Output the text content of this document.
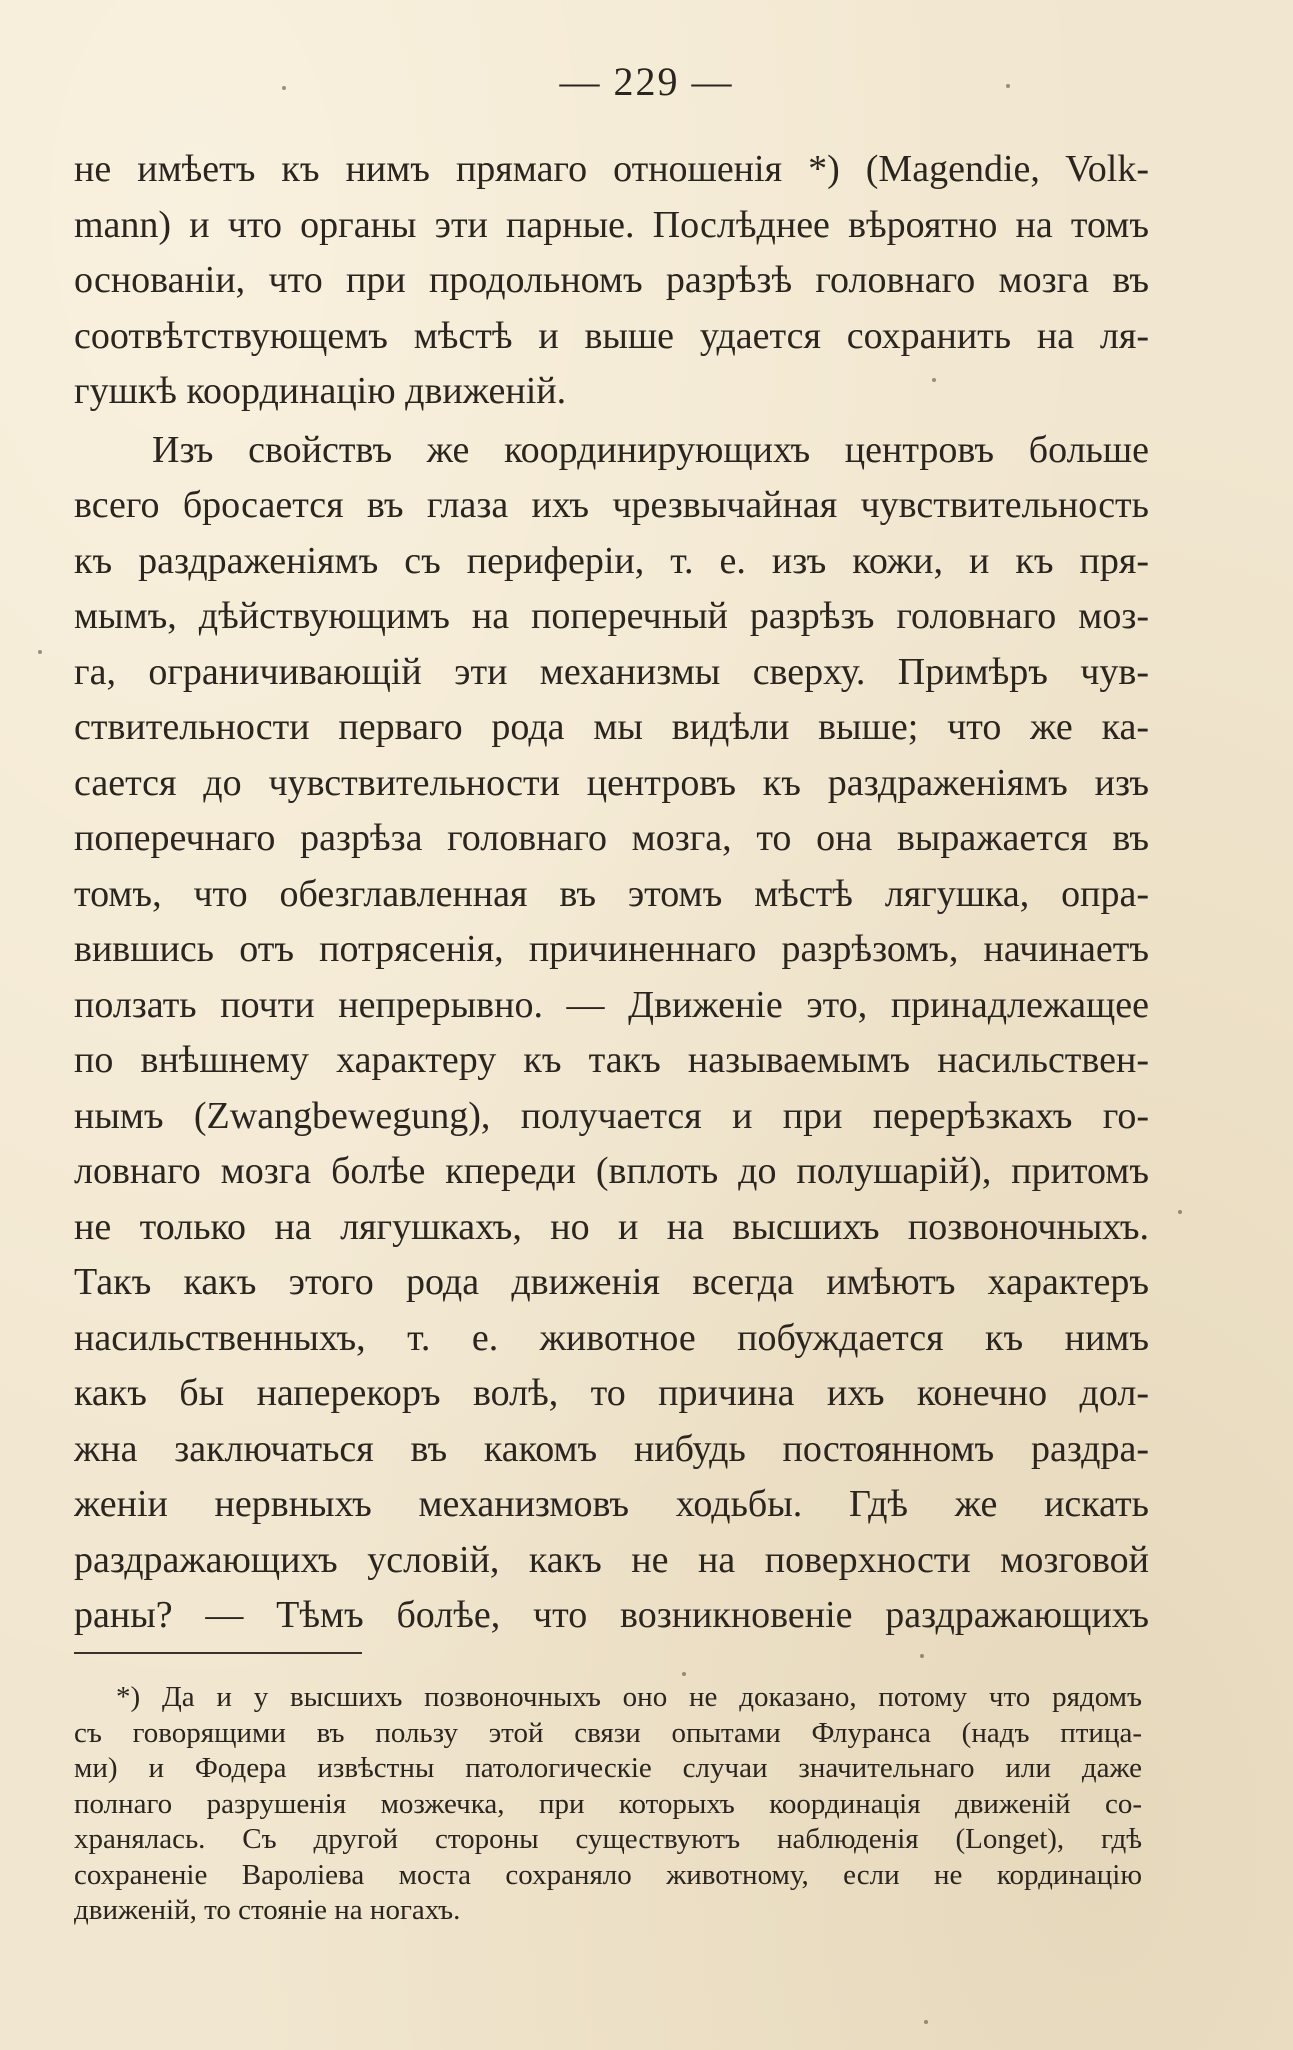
— 229 —
не имѣетъ къ нимъ прямаго отношенія *) (Magendie, Volk-
mann) и что органы эти парные. Послѣднее вѣроятно на томъ
основанiи, что при продольномъ разрѣзѣ головнаго мозга въ
соотвѣтствующемъ мѣстѣ и выше удается сохранить на ля-
гушкѣ координацію движеній.
Изъ свойствъ же координирующихъ центровъ больше
всего бросается въ глаза ихъ чрезвычайная чувствительность
къ раздраженіямъ съ периферіи, т. е. изъ кожи, и къ пря-
мымъ, дѣйствующимъ на поперечный разрѣзъ головнаго моз-
га, ограничивающій эти механизмы сверху. Примѣръ чув-
ствительности перваго рода мы видѣли выше; что же ка-
сается до чувствительности центровъ къ раздраженіямъ изъ
поперечнаго разрѣза головнаго мозга, то она выражается въ
томъ, что обезглавленная въ этомъ мѣстѣ лягушка, опра-
вившись отъ потрясенія, причиненнаго разрѣзомъ, начинаетъ
ползать почти непрерывно. — Движеніе это, принадлежащее
по внѣшнему характеру къ такъ называемымъ насильствен-
нымъ (Zwangbewegung), получается и при перерѣзкахъ го-
ловнаго мозга болѣе кпереди (вплоть до полушарій), притомъ
не только на лягушкахъ, но и на высшихъ позвоночныхъ.
Такъ какъ этого рода движенія всегда имѣютъ характеръ
насильственныхъ, т. е. животное побуждается къ нимъ
какъ бы наперекоръ волѣ, то причина ихъ конечно дол-
жна заключаться въ какомъ нибудь постоянномъ раздра-
женіи нервныхъ механизмовъ ходьбы. Гдѣ же искать
раздражающихъ условій, какъ не на поверхности мозговой
раны? — Тѣмъ болѣе, что возникновеніе раздражающихъ
*) Да и у высшихъ позвоночныхъ оно не доказано, потому что рядомъ
съ говорящими въ пользу этой связи опытами Флуранса (надъ птица-
ми) и Фодера извѣстны патологическіе случаи значительнаго или даже
полнаго разрушенія мозжечка, при которыхъ координація движеній со-
хранялась. Съ другой стороны существуютъ наблюденія (Longet), гдѣ
сохраненіе Вароліева моста сохраняло животному, если не кординацію
движеній, то стояніе на ногахъ.
